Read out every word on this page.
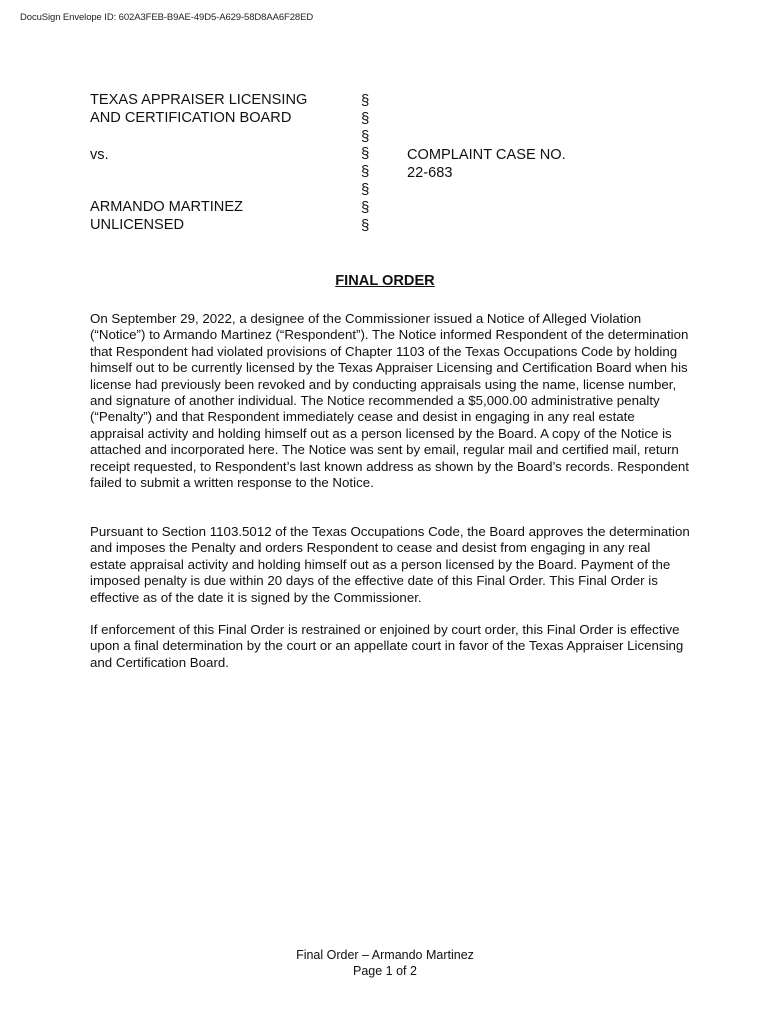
DocuSign Envelope ID: 602A3FEB-B9AE-49D5-A629-58D8AA6F28ED
TEXAS APPRAISER LICENSING
AND CERTIFICATION BOARD
vs.
ARMANDO MARTINEZ
UNLICENSED
§
§
§
§
§
§
§
§
COMPLAINT CASE NO.
22-683
FINAL ORDER

On September 29, 2022, a designee of the Commissioner issued a Notice of Alleged Violation (“Notice”) to Armando Martinez (“Respondent”). The Notice informed Respondent of the determination that Respondent had violated provisions of Chapter 1103 of the Texas Occupations Code by holding himself out to be currently licensed by the Texas Appraiser Licensing and Certification Board when his license had previously been revoked and by conducting appraisals using the name, license number, and signature of another individual. The Notice recommended a $5,000.00 administrative penalty (“Penalty”) and that Respondent immediately cease and desist in engaging in any real estate appraisal activity and holding himself out as a person licensed by the Board. A copy of the Notice is attached and incorporated here. The Notice was sent by email, regular mail and certified mail, return receipt requested, to Respondent’s last known address as shown by the Board’s records. Respondent failed to submit a written response to the Notice.

Pursuant to Section 1103.5012 of the Texas Occupations Code, the Board approves the determination and imposes the Penalty and orders Respondent to cease and desist from engaging in any real estate appraisal activity and holding himself out as a person licensed by the Board. Payment of the imposed penalty is due within 20 days of the effective date of this Final Order. This Final Order is effective as of the date it is signed by the Commissioner.

If enforcement of this Final Order is restrained or enjoined by court order, this Final Order is effective upon a final determination by the court or an appellate court in favor of the Texas Appraiser Licensing and Certification Board.

Final Order – Armando Martinez
Page 1 of 2
